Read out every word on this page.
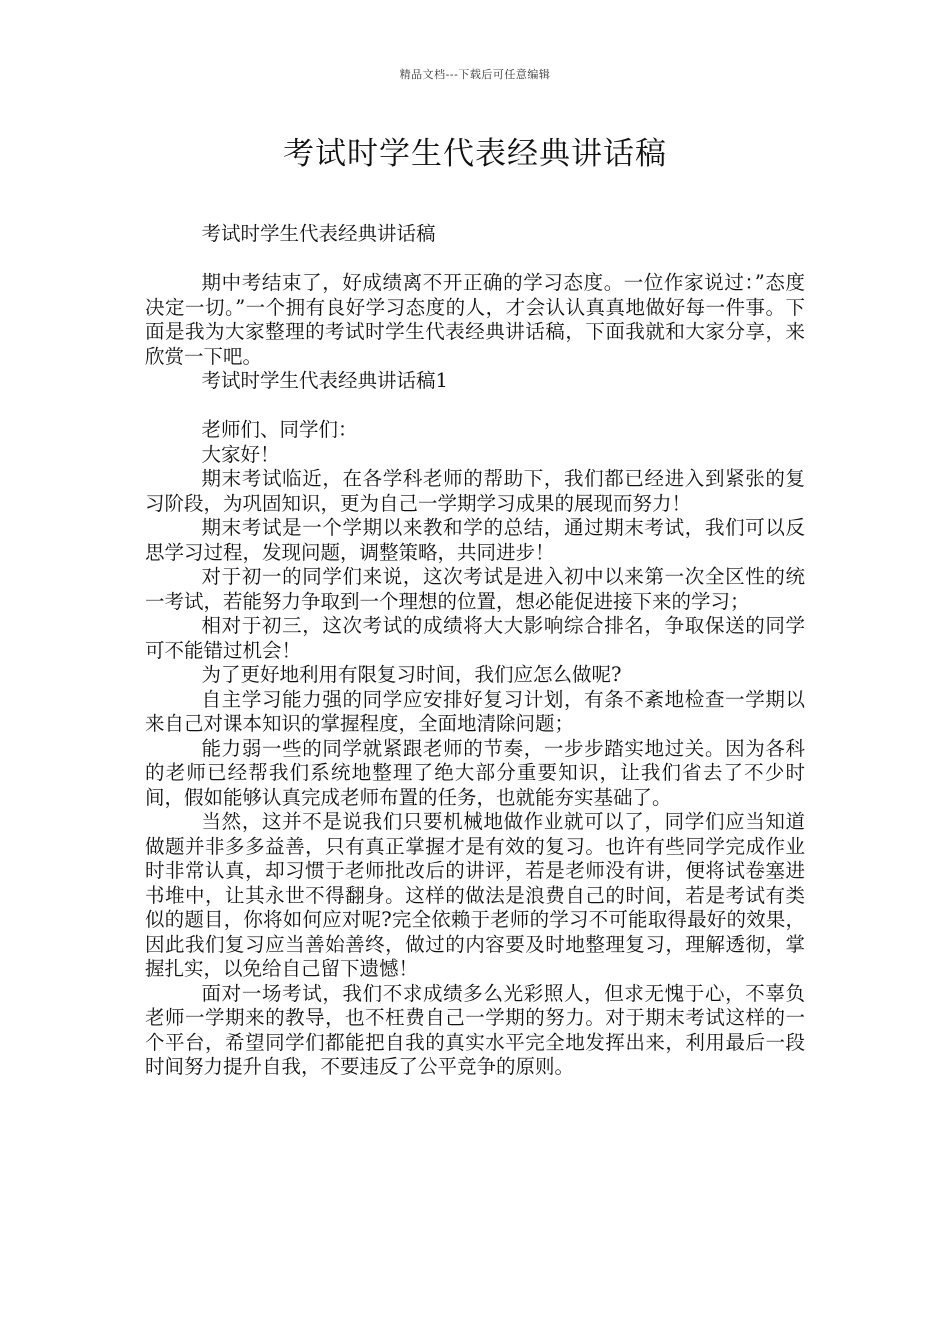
精品文档---下载后可任意编辑
考试时学生代表经典讲话稿

考试时学生代表经典讲话稿

期中考结束了，好成绩离不开正确的学习态度。一位作家说过：”态度决定一切。”一个拥有良好学习态度的人，才会认认真真地做好每一件事。下面是我为大家整理的考试时学生代表经典讲话稿，下面我就和大家分享，来欣赏一下吧。

考试时学生代表经典讲话稿1

老师们、同学们：

大家好！

期末考试临近，在各学科老师的帮助下，我们都已经进入到紧张的复习阶段，为巩固知识，更为自己一学期学习成果的展现而努力！

期末考试是一个学期以来教和学的总结，通过期末考试，我们可以反思学习过程，发现问题，调整策略，共同进步！

对于初一的同学们来说，这次考试是进入初中以来第一次全区性的统一考试，若能努力争取到一个理想的位置，想必能促进接下来的学习；

相对于初三，这次考试的成绩将大大影响综合排名，争取保送的同学可不能错过机会！

为了更好地利用有限复习时间，我们应怎么做呢?

自主学习能力强的同学应安排好复习计划，有条不紊地检查一学期以来自己对课本知识的掌握程度，全面地清除问题；

能力弱一些的同学就紧跟老师的节奏，一步步踏实地过关。因为各科的老师已经帮我们系统地整理了绝大部分重要知识，让我们省去了不少时间，假如能够认真完成老师布置的任务，也就能夯实基础了。

当然，这并不是说我们只要机械地做作业就可以了，同学们应当知道做题并非多多益善，只有真正掌握才是有效的复习。也许有些同学完成作业时非常认真，却习惯于老师批改后的讲评，若是老师没有讲，便将试卷塞进书堆中，让其永世不得翻身。这样的做法是浪费自己的时间，若是考试有类似的题目，你将如何应对呢?完全依赖于老师的学习不可能取得最好的效果，因此我们复习应当善始善终，做过的内容要及时地整理复习，理解透彻，掌握扎实，以免给自己留下遗憾！

面对一场考试，我们不求成绩多么光彩照人，但求无愧于心，不辜负老师一学期来的教导，也不枉费自己一学期的努力。对于期末考试这样的一个平台，希望同学们都能把自我的真实水平完全地发挥出来，利用最后一段时间努力提升自我，不要违反了公平竞争的原则。
